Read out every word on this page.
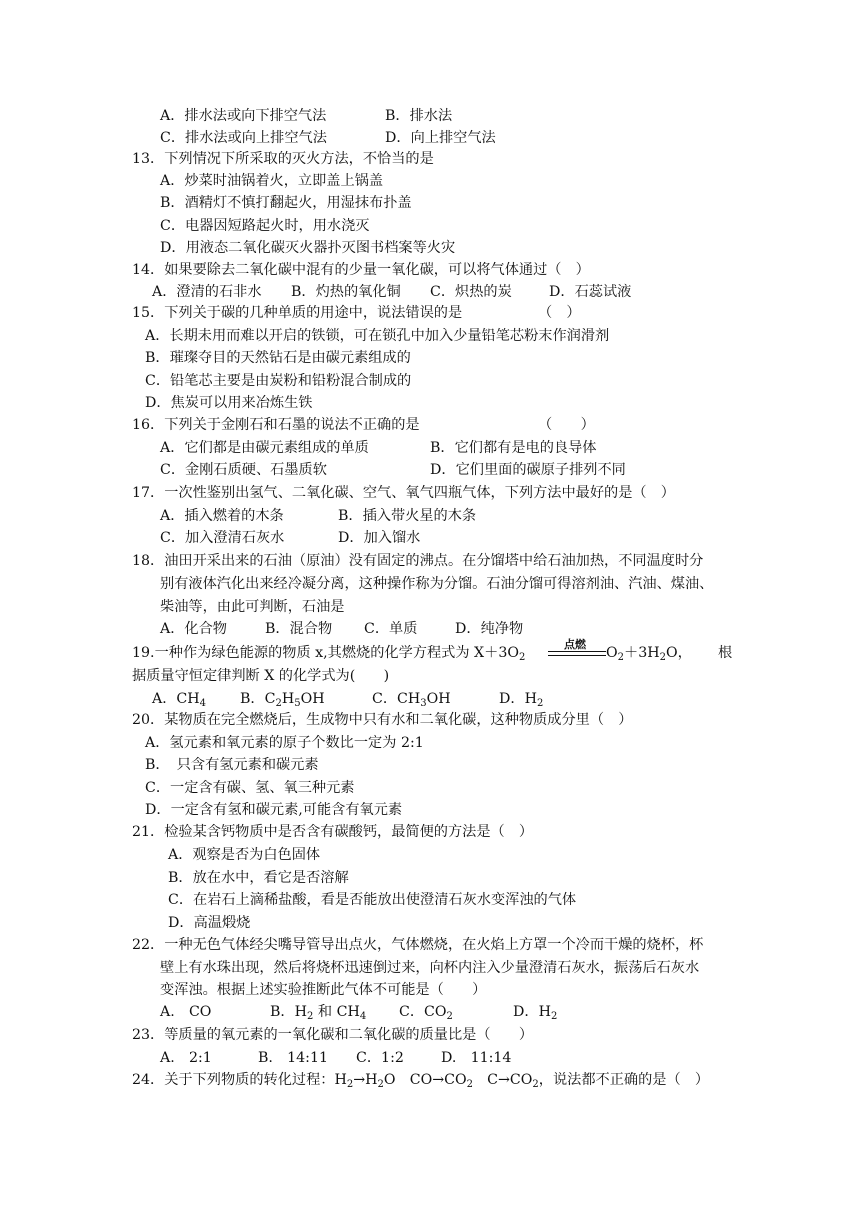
A．排水法或向下排空气法	B．排水法
C．排水法或向上排空气法	D．向上排空气法
13．下列情况下所采取的灭火方法，不恰当的是
A．炒菜时油锅着火，立即盖上锅盖
B．酒精灯不慎打翻起火，用湿抹布扑盖
C．电器因短路起火时，用水浇灭
D．用液态二氧化碳灭火器扑灭图书档案等火灾
14．如果要除去二氧化碳中混有的少量一氧化碳，可以将气体通过（　）
A．澄清的石非水 B．灼热的氧化铜 C．炽热的炭	D．石蕊试液
15．下列关于碳的几种单质的用途中，说法错误的是	（　）
A．长期未用而难以开启的铁锁，可在锁孔中加入少量铅笔芯粉末作润滑剂
B．璀璨夺目的天然钻石是由碳元素组成的
C．铅笔芯主要是由炭粉和铅粉混合制成的
D．焦炭可以用来冶炼生铁
16．下列关于金刚石和石墨的说法不正确的是	（　　）
A．它们都是由碳元素组成的单质	B．它们都有是电的良导体
C．金刚石质硬、石墨质软	D．它们里面的碳原子排列不同
17．一次性鉴别出氢气、二氧化碳、空气、氧气四瓶气体，下列方法中最好的是（　）
A．插入燃着的木条	B．插入带火星的木条
C．加入澄清石灰水	D．加入馏水
18．油田开采出来的石油（原油）没有固定的沸点。在分馏塔中给石油加热，不同温度时分
别有液体汽化出来经冷凝分离，这种操作称为分馏。石油分馏可得溶剂油、汽油、煤油、
柴油等，由此可判断，石油是
A．化合物	B．混合物 C．单质	D．纯净物
19.一种作为绿色能源的物质 x,其燃烧的化学方程式为 $X+3O_2$
点燃
$O_2+3H_2O$， 根
据质量守恒定律判断 X 的化学式为(　　)
A．$CH_4$ B．$C_2H_5OH$	C．$CH_3OH$	D．$H_2$
20．某物质在完全燃烧后，生成物中只有水和二氧化碳，这种物质成分里（　）
A．氢元素和氧元素的原子个数比一定为 2:1
B．　只含有氢元素和碳元素
C．一定含有碳、氢、氧三种元素
D．一定含有氢和碳元素,可能含有氧元素
21．检验某含钙物质中是否含有碳酸钙，最简便的方法是（　）
A．观察是否为白色固体
B．放在水中，看它是否溶解
C．在岩石上滴稀盐酸，看是否能放出使澄清石灰水变浑浊的气体
D．高温煅烧
22．一种无色气体经尖嘴导管导出点火，气体燃烧，在火焰上方罩一个冷而干燥的烧杯，杯
壁上有水珠出现，然后将烧杯迅速倒过来，向杯内注入少量澄清石灰水，振荡后石灰水
变浑浊。根据上述实验推断此气体不可能是（　　）
A.　CO	B．$H_2$ 和 $CH_4$ C．$CO_2$	D．$H_2$
23．等质量的氧元素的一氧化碳和二氧化碳的质量比是（　　）
A.　2:1	B.　14:11 C．1:2	D.　11:14
24．关于下列物质的转化过程：$H_2\to H_2O$　$CO\to CO_2$　$C\to CO_2$，说法都不正确的是（　）
